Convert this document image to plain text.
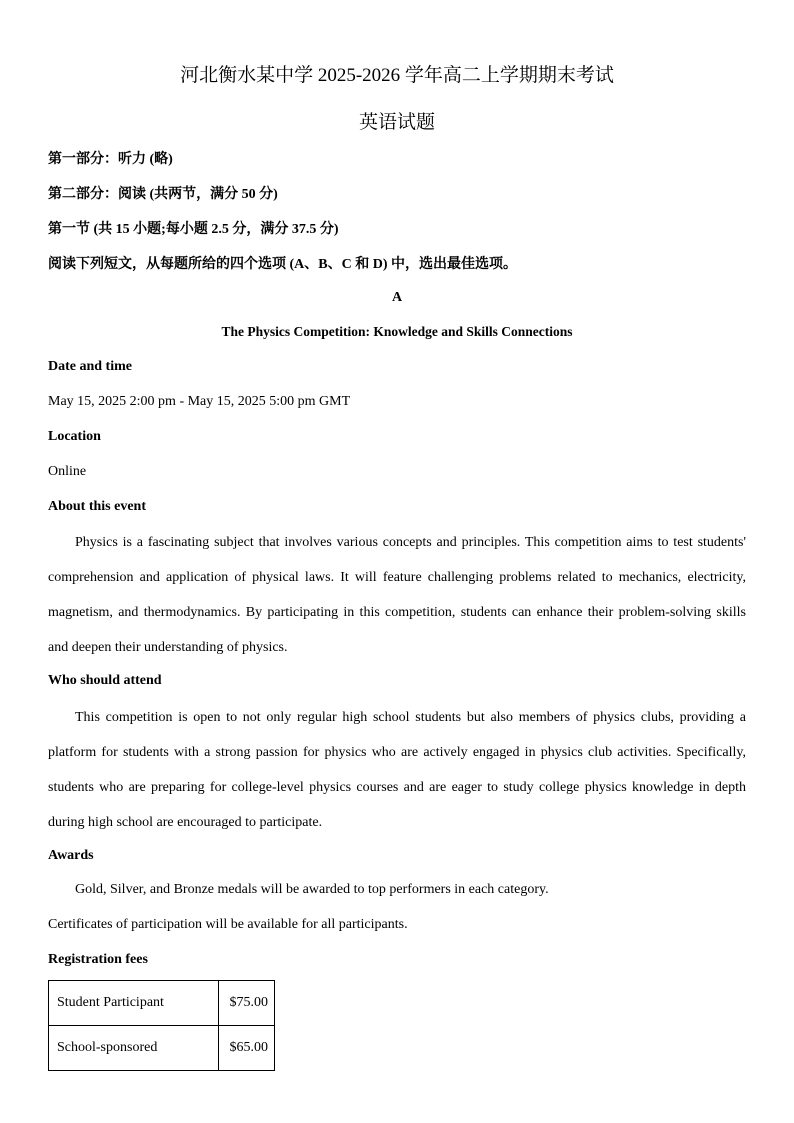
河北衡水某中学 2025-2026 学年高二上学期期末考试
英语试题
第一部分：听力 (略)
第二部分：阅读 (共两节，满分 50 分)
第一节 (共 15 小题;每小题 2.5 分，满分 37.5 分)
阅读下列短文，从每题所给的四个选项 (A、B、C 和 D) 中，选出最佳选项。
A
The Physics Competition: Knowledge and Skills Connections
Date and time
May 15, 2025 2:00 pm - May 15, 2025 5:00 pm GMT
Location
Online
About this event
Physics is a fascinating subject that involves various concepts and principles. This competition aims to test students' comprehension and application of physical laws. It will feature challenging problems related to mechanics, electricity, magnetism, and thermodynamics. By participating in this competition, students can enhance their problem-solving skills and deepen their understanding of physics.
Who should attend
This competition is open to not only regular high school students but also members of physics clubs, providing a platform for students with a strong passion for physics who are actively engaged in physics club activities. Specifically, students who are preparing for college-level physics courses and are eager to study college physics knowledge in depth during high school are encouraged to participate.
Awards
Gold, Silver, and Bronze medals will be awarded to top performers in each category.
Certificates of participation will be available for all participants.
Registration fees
Student Participant	$75.00
School-sponsored	$65.00
